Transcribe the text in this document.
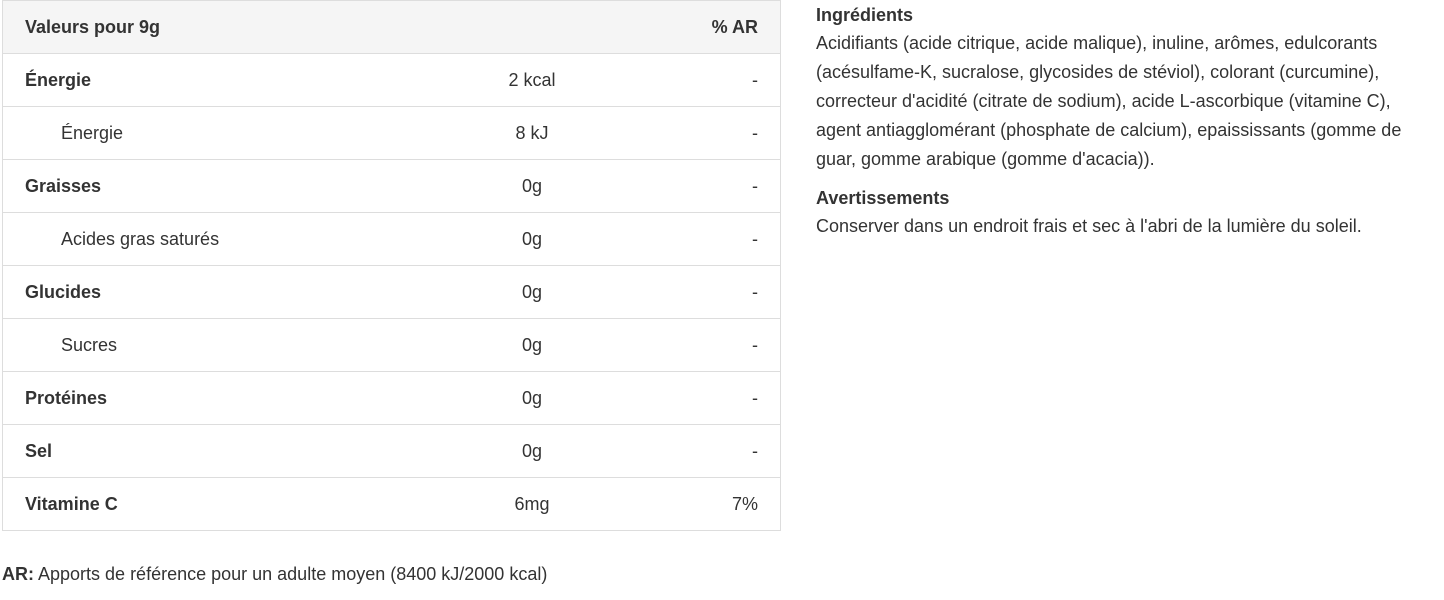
Valeurs pour 9g		% AR
Énergie	2 kcal	-
Énergie	8 kJ	-
Graisses	0g	-
Acides gras saturés	0g	-
Glucides	0g	-
Sucres	0g	-
Protéines	0g	-
Sel	0g	-
Vitamine C	6mg	7%
AR: Apports de référence pour un adulte moyen (8400 kJ/2000 kcal)
Ingrédients

Acidifiants (acide citrique, acide malique), inuline, arômes, edulcorants (acésulfame-K, sucralose, glycosides de stéviol), colorant (curcumine), correcteur d'acidité (citrate de sodium), acide L-ascorbique (vitamine C), agent antiagglomérant (phosphate de calcium), epaississants (gomme de guar, gomme arabique (gomme d'acacia)).

Avertissements

Conserver dans un endroit frais et sec à l'abri de la lumière du soleil.
